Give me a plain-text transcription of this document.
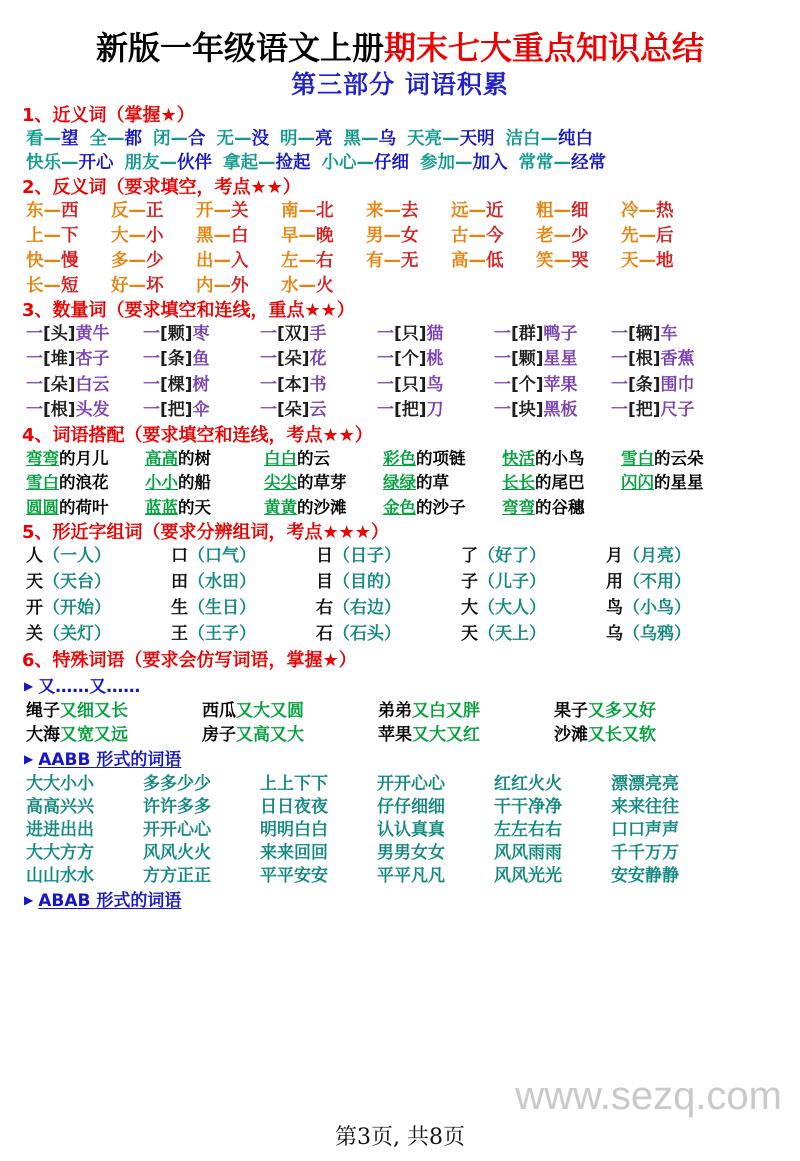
新版一年级语文上册期末七大重点知识总结
第三部分 词语积累
1、近义词（掌握★）
看—望 全—都 闭—合 无—没 明—亮 黑—乌 天亮—天明 洁白—纯白
快乐—开心 朋友—伙伴 拿起—捡起 小心—仔细 参加—加入 常常—经常
2、反义词（要求填空，考点★★）
东—西	反—正	开—关	南—北	来—去	远—近	粗—细	冷—热
上—下	大—小	黑—白	早—晚	男—女	古—今	老—少	先—后
快—慢	多—少	出—入	左—右	有—无	高—低	笑—哭	天—地
长—短	好—坏	内—外	水—火
3、数量词（要求填空和连线，重点★★）
一[头]黄牛	一[颗]枣	一[双]手	一[只]猫	一[群]鸭子	一[辆]车
一[堆]杏子	一[条]鱼	一[朵]花	一[个]桃	一[颗]星星	一[根]香蕉
一[朵]白云	一[棵]树	一[本]书	一[只]鸟	一[个]苹果	一[条]围巾
一[根]头发	一[把]伞	一[朵]云	一[把]刀	一[块]黑板	一[把]尺子
4、词语搭配（要求填空和连线，考点★★）
弯弯的月儿	高高的树	白白的云	彩色的项链	快活的小鸟	雪白的云朵
雪白的浪花	小小的船	尖尖的草芽	绿绿的草	长长的尾巴	闪闪的星星
圆圆的荷叶	蓝蓝的天	黄黄的沙滩	金色的沙子	弯弯的谷穗
5、形近字组词（要求分辨组词，考点★★★）
人（一人）	口（口气）	日（日子）	了（好了）	月（月亮）
天（天台）	田（水田）	目（目的）	子（儿子）	用（不用）
开（开始）	生（生日）	右（右边）	大（大人）	鸟（小鸟）
关（关灯）	王（王子）	石（石头）	天（天上）	乌（乌鸦）
6、特殊词语（要求会仿写词语，掌握★）
▶ 又……又……
绳子又细又长	西瓜又大又圆	弟弟又白又胖	果子又多又好
大海又宽又远	房子又高又大	苹果又大又红	沙滩又长又软
▶ AABB 形式的词语
大大小小	多多少少	上上下下	开开心心	红红火火	漂漂亮亮
高高兴兴	许许多多	日日夜夜	仔仔细细	干干净净	来来往往
进进出出	开开心心	明明白白	认认真真	左左右右	口口声声
大大方方	风风火火	来来回回	男男女女	风风雨雨	千千万万
山山水水	方方正正	平平安安	平平凡凡	风风光光	安安静静
▶ ABAB 形式的词语
www.sezq.com
第3页, 共8页
